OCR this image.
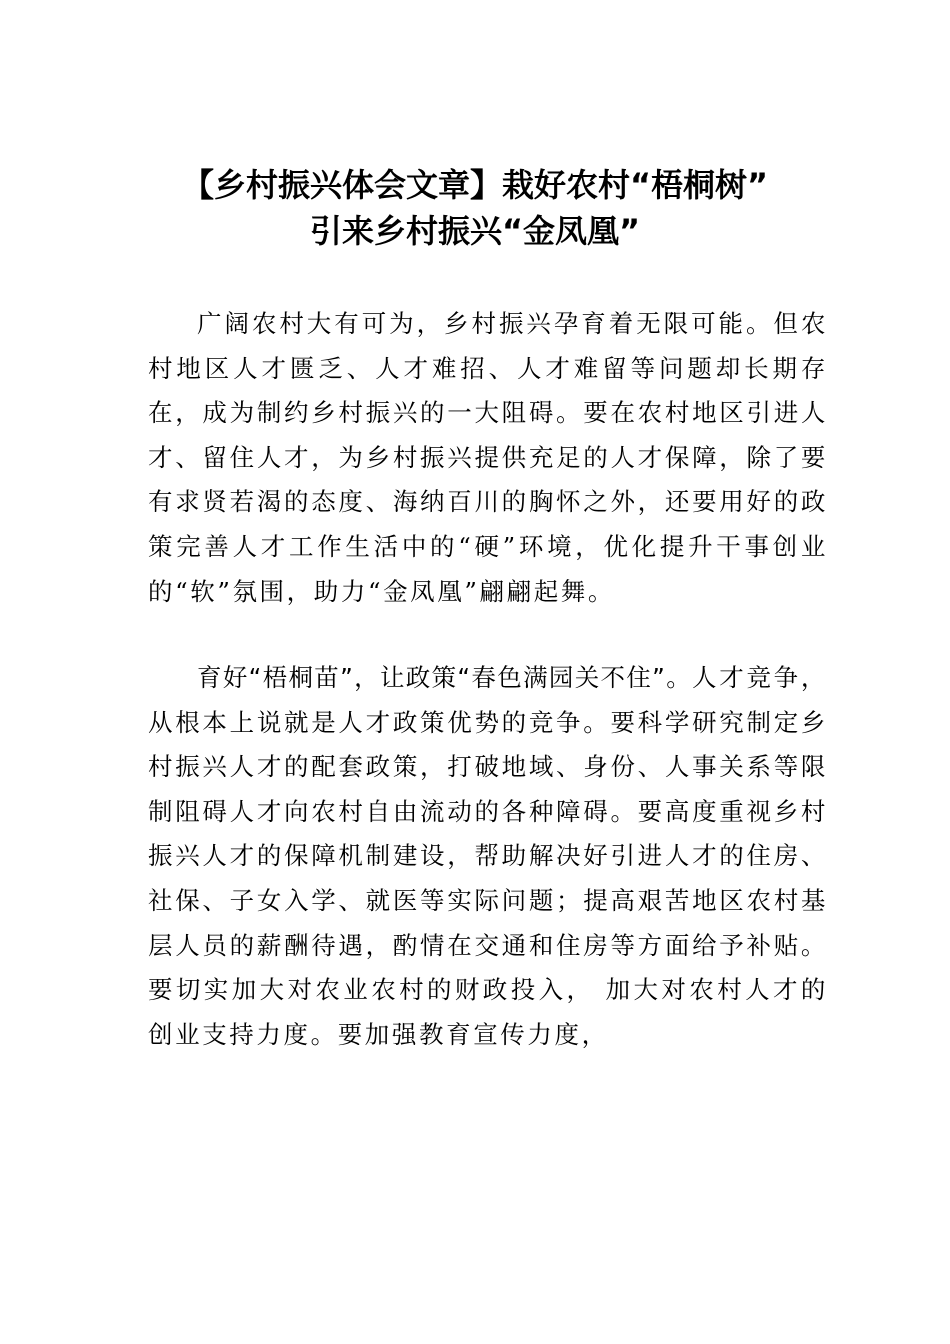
【乡村振兴体会文章】栽好农村“梧桐树”
引来乡村振兴“金凤凰”

广阔农村大有可为，乡村振兴孕育着无限可能。但农村地区人才匮乏、人才难招、人才难留等问题却长期存在，成为制约乡村振兴的一大阻碍。要在农村地区引进人才、留住人才，为乡村振兴提供充足的人才保障，除了要有求贤若渴的态度、海纳百川的胸怀之外，还要用好的政策完善人才工作生活中的“硬”环境，优化提升干事创业的“软”氛围，助力“金凤凰”翩翩起舞。

育好“梧桐苗”，让政策“春色满园关不住”。人才竞争，从根本上说就是人才政策优势的竞争。要科学研究制定乡村振兴人才的配套政策，打破地域、身份、人事关系等限制阻碍人才向农村自由流动的各种障碍。要高度重视乡村振兴人才的保障机制建设，帮助解决好引进人才的住房、社保、子女入学、就医等实际问题；提高艰苦地区农村基层人员的薪酬待遇，酌情在交通和住房等方面给予补贴。要切实加大对农业农村的财政投入， 加大对农村人才的创业支持力度。要加强教育宣传力度，
